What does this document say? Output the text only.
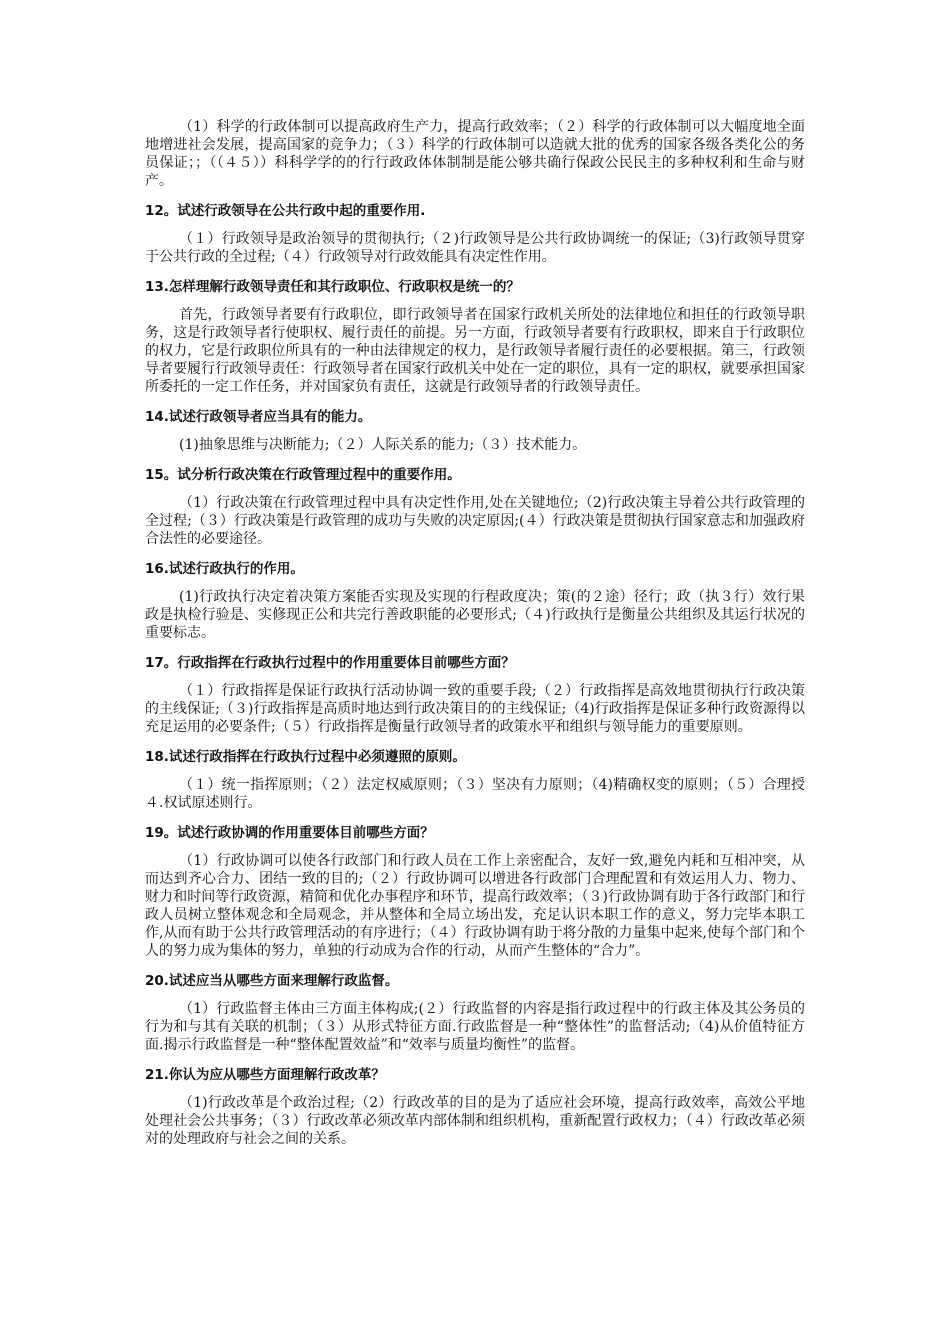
（1）科学的行政体制可以提高政府生产力，提高行政效率；（２）科学的行政体制可以大幅度地全面地增进社会发展，提高国家的竞争力；（３）科学的行政体制可以造就大批的优秀的国家各级各类化公的务员保证；；（（４５））科科学学的的行行政政体体制制是能公够共确行保政公民民主的多种权利和生命与财产。

12。试述行政领导在公共行政中起的重要作用.

（１）行政领导是政治领导的贯彻执行;（２)行政领导是公共行政协调统一的保证;（3)行政领导贯穿于公共行政的全过程;（４）行政领导对行政效能具有决定性作用。

13.怎样理解行政领导责任和其行政职位、行政职权是统一的？

首先，行政领导者要有行政职位，即行政领导者在国家行政机关所处的法律地位和担任的行政领导职务，这是行政领导者行使职权、履行责任的前提。另一方面，行政领导者要有行政职权，即来自于行政职位的权力，它是行政职位所具有的一种由法律规定的权力，是行政领导者履行责任的必要根据。第三，行政领导者要履行行政领导责任：行政领导者在国家行政机关中处在一定的职位，具有一定的职权，就要承担国家所委托的一定工作任务，并对国家负有责任，这就是行政领导者的行政领导责任。

14.试述行政领导者应当具有的能力。

(1)抽象思维与决断能力;（２）人际关系的能力;（３）技术能力。

15。试分析行政决策在行政管理过程中的重要作用。

（1）行政决策在行政管理过程中具有决定性作用,处在关键地位;（2)行政决策主导着公共行政管理的全过程;（３）行政决策是行政管理的成功与失败的决定原因;(４）行政决策是贯彻执行国家意志和加强政府合法性的必要途径。

16.试述行政执行的作用。

(1)行政执行决定着决策方案能否实现及实现的行程政度决；策(的２途）径行；政（执３行）效行果政是执检行验是、实修现正公和共完行善政职能的必要形式;（４)行政执行是衡量公共组织及其运行状况的重要标志。

17。行政指挥在行政执行过程中的作用重要体目前哪些方面？

（１）行政指挥是保证行政执行活动协调一致的重要手段;（２）行政指挥是高效地贯彻执行行政决策的主线保证;（３)行政指挥是高质时地达到行政决策目的的主线保证;（4)行政指挥是保证多种行政资源得以充足运用的必要条件;（５）行政指挥是衡量行政领导者的政策水平和组织与领导能力的重要原则。

18.试述行政指挥在行政执行过程中必须遵照的原则。

（１）统一指挥原则；（２）法定权威原则；（３）坚决有力原则；（4)精确权变的原则；（５）合理授４.权试原述则行。

19。试述行政协调的作用重要体目前哪些方面？

（1）行政协调可以使各行政部门和行政人员在工作上亲密配合，友好一致,避免内耗和互相冲突，从而达到齐心合力、团结一致的目的;（２）行政协调可以增进各行政部门合理配置和有效运用人力、物力、财力和时间等行政资源，精简和优化办事程序和环节，提高行政效率；（３)行政协调有助于各行政部门和行政人员树立整体观念和全局观念，并从整体和全局立场出发，充足认识本职工作的意义，努力完毕本职工作,从而有助于公共行政管理活动的有序进行；（４）行政协调有助于将分散的力量集中起来,使每个部门和个人的努力成为集体的努力，单独的行动成为合作的行动，从而产生整体的“合力”。

20.试述应当从哪些方面来理解行政监督。

（1）行政监督主体由三方面主体构成;(２）行政监督的内容是指行政过程中的行政主体及其公务员的行为和与其有关联的机制；（３）从形式特征方面.行政监督是一种“整体性”的监督活动;（4)从价值特征方面.揭示行政监督是一种“整体配置效益”和“效率与质量均衡性”的监督。

21.你认为应从哪些方面理解行政改革？

（1)行政改革是个政治过程;（2）行政改革的目的是为了适应社会环境，提高行政效率，高效公平地处理社会公共事务；（３）行政改革必须改革内部体制和组织机构，重新配置行政权力；（４）行政改革必须对的处理政府与社会之间的关系。
